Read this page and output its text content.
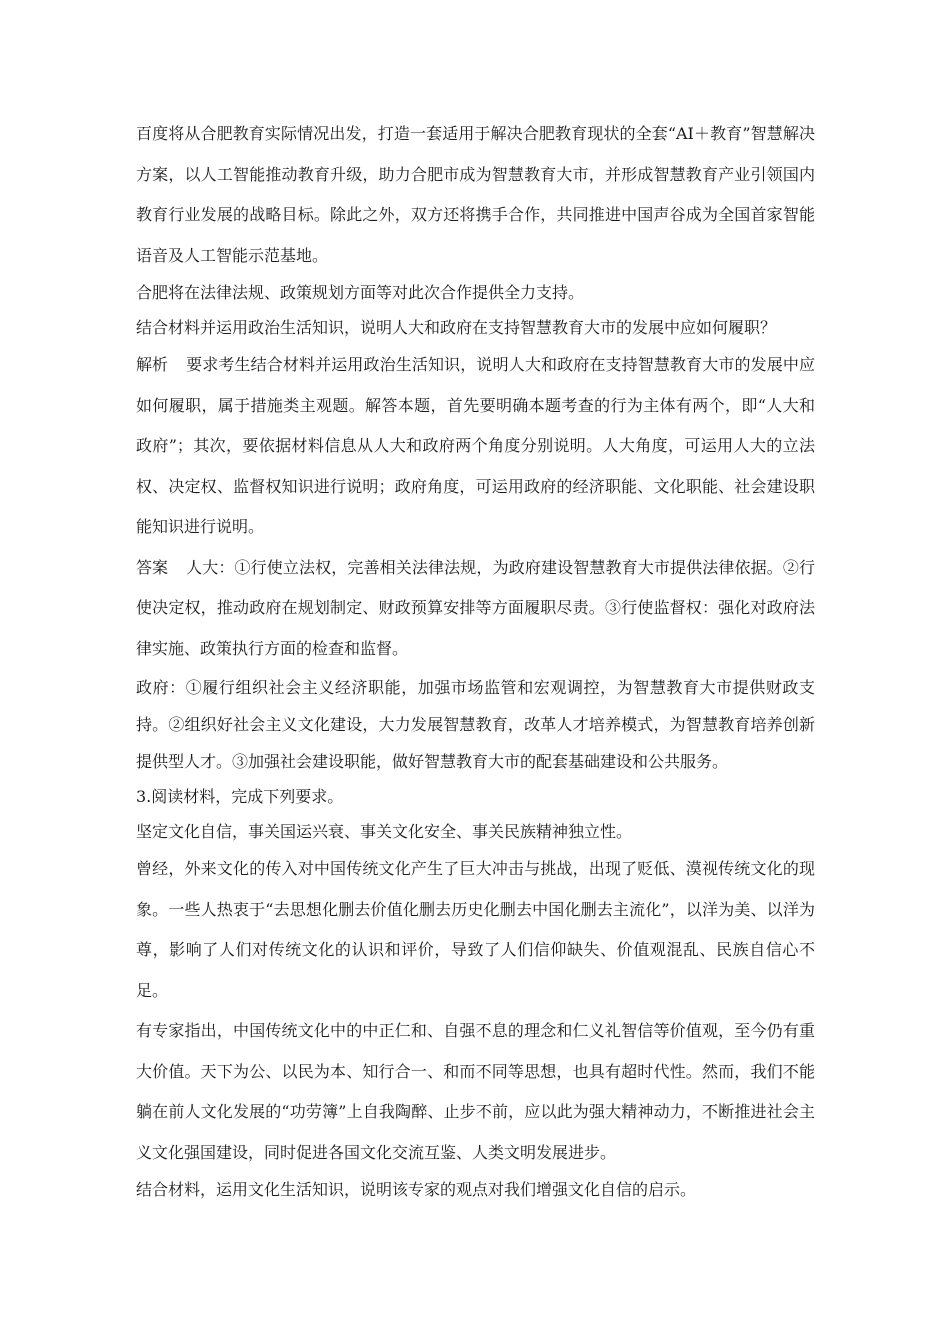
百度将从合肥教育实际情况出发，打造一套适用于解决合肥教育现状的全套“AI＋教育”智慧解决方案，以人工智能推动教育升级，助力合肥市成为智慧教育大市，并形成智慧教育产业引领国内教育行业发展的战略目标。除此之外，双方还将携手合作，共同推进中国声谷成为全国首家智能语音及人工智能示范基地。

合肥将在法律法规、政策规划方面等对此次合作提供全力支持。

结合材料并运用政治生活知识，说明人大和政府在支持智慧教育大市的发展中应如何履职？

解析 要求考生结合材料并运用政治生活知识，说明人大和政府在支持智慧教育大市的发展中应如何履职，属于措施类主观题。解答本题，首先要明确本题考查的行为主体有两个，即“人大和政府”；其次，要依据材料信息从人大和政府两个角度分别说明。人大角度，可运用人大的立法权、决定权、监督权知识进行说明；政府角度，可运用政府的经济职能、文化职能、社会建设职能知识进行说明。

答案 人大：①行使立法权，完善相关法律法规，为政府建设智慧教育大市提供法律依据。②行使决定权，推动政府在规划制定、财政预算安排等方面履职尽责。③行使监督权：强化对政府法律实施、政策执行方面的检查和监督。

政府：①履行组织社会主义经济职能，加强市场监管和宏观调控，为智慧教育大市提供财政支持。②组织好社会主义文化建设，大力发展智慧教育，改革人才培养模式，为智慧教育培养创新提供型人才。③加强社会建设职能，做好智慧教育大市的配套基础建设和公共服务。

3.阅读材料，完成下列要求。

坚定文化自信，事关国运兴衰、事关文化安全、事关民族精神独立性。

曾经，外来文化的传入对中国传统文化产生了巨大冲击与挑战，出现了贬低、漠视传统文化的现象。一些人热衷于“去思想化删去价值化删去历史化删去中国化删去主流化”，以洋为美、以洋为尊，影响了人们对传统文化的认识和评价，导致了人们信仰缺失、价值观混乱、民族自信心不足。

有专家指出，中国传统文化中的中正仁和、自强不息的理念和仁义礼智信等价值观，至今仍有重大价值。天下为公、以民为本、知行合一、和而不同等思想，也具有超时代性。然而，我们不能躺在前人文化发展的“功劳簿”上自我陶醉、止步不前，应以此为强大精神动力，不断推进社会主义文化强国建设，同时促进各国文化交流互鉴、人类文明发展进步。

结合材料，运用文化生活知识，说明该专家的观点对我们增强文化自信的启示。
